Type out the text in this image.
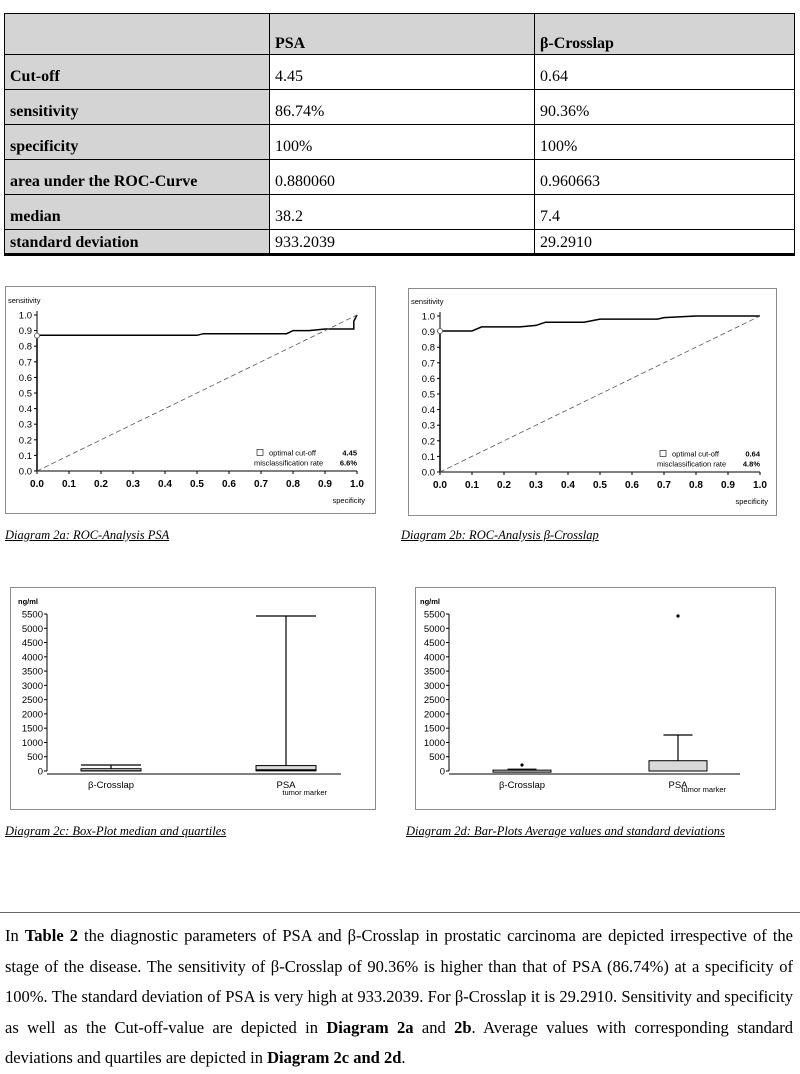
	PSA	β-Crosslap
Cut-off	4.45	0.64
sensitivity	86.74%	90.36%
specificity	100%	100%
area under the ROC-Curve	0.880060	0.960663
median	38.2	7.4
standard deviation	933.2039	29.2910
sensitivity
specificity
0.0
0.1
0.2
0.3
0.4
0.5
0.6
0.7
0.8
0.9
1.0
0.0 0.1 0.2 0.3 0.4 0.5 0.6 0.7 0.8 0.9 1.0
optimal cut-off	4.45
misclassification rate 6.6%
Diagram 2a: ROC-Analysis PSA
sensitivity
specificity
0.0
0.1
0.2
0.3
0.4
0.5
0.6
0.7
0.8
0.9
1.0
0.0 0.1 0.2 0.3 0.4 0.5 0.6 0.7 0.8 0.9 1.0
optimal cut-off	0.64
misclassification rate 4.8%
Diagram 2b: ROC-Analysis β-Crosslap
ng/ml
0
500
1000
1500
2000
2500
3000
3500
4000
4500
5000
5500
β-Crosslap	PSA
tumor marker
Diagram 2c: Box-Plot median and quartiles
ng/ml
0
500
1000
1500
2000
2500
3000
3500
4000
4500
5000
5500
β-Crosslap	PSA
tumor marker
Diagram 2d: Bar-Plots Average values and standard deviations

In Table 2 the diagnostic parameters of PSA and β-Crosslap in prostatic carcinoma are depicted irrespective of the stage of the disease. The sensitivity of β-Crosslap of 90.36% is higher than that of PSA (86.74%) at a specificity of 100%. The standard deviation of PSA is very high at 933.2039. For β-Crosslap it is 29.2910. Sensitivity and specificity as well as the Cut-off-value are depicted in Diagram 2a and 2b. Average values with corresponding standard deviations and quartiles are depicted in Diagram 2c and 2d.
